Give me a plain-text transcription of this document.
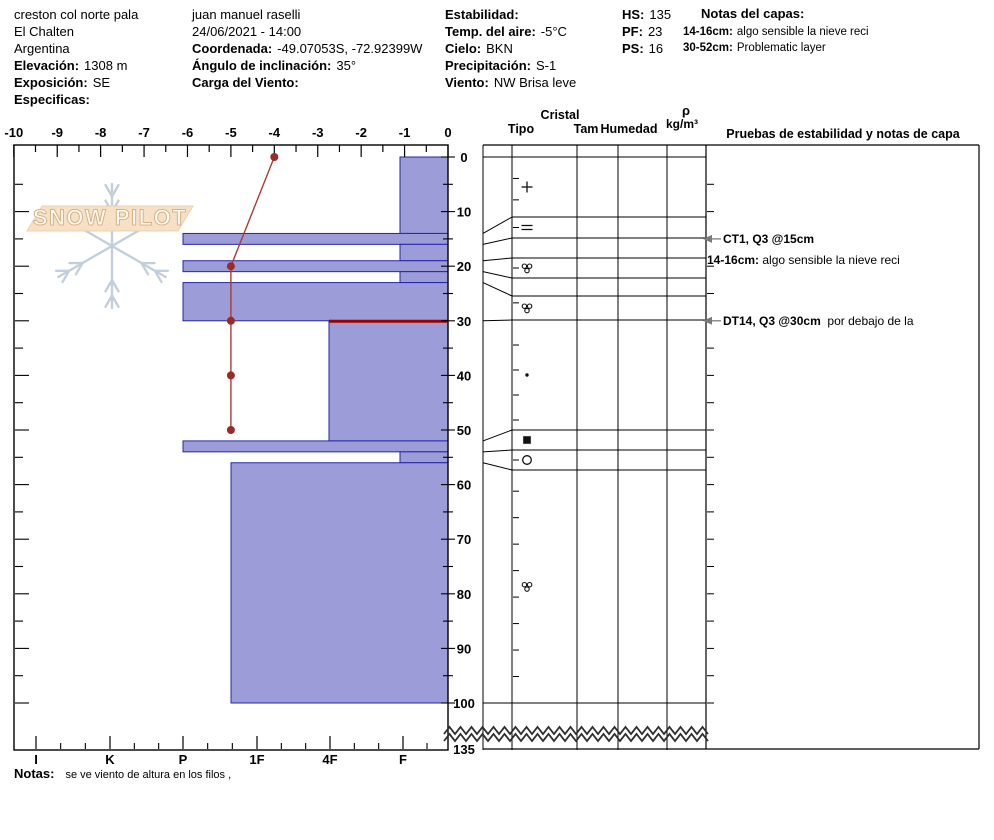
SNOW PILOT
-10 -9 -8 -7 -6 -5 -4 -3 -2 -1	0
0
10
20
30
40
50
60
70
80
90
100
135
I	K	P	1F	4F	F
CT1, Q3 @15cm
14-16cm: algo sensible la nieve reci
DT14, Q3 @30cm  por debajo de la
creston col norte pala
El Chalten
Argentina
Elevación: 1308 m
Exposición: SE
Especificas:
juan manuel raselli
24/06/2021 - 14:00
Coordenada: -49.07053S, -72.92399W
Ángulo de inclinación: 35°
Carga del Viento:
Estabilidad:
Temp. del aire: -5°C
Cielo: BKN
Precipitación: S-1
Viento: NW Brisa leve
HS: 135
PF: 23
PS: 16
Notas del capas:
14-16cm: algo sensible la nieve reci
30-52cm: Problematic layer
Cristal
Tipo	Tam Humedad
ρ
kg/m³
Pruebas de estabilidad y notas de capa
Notas: se ve viento de altura en los filos ,
